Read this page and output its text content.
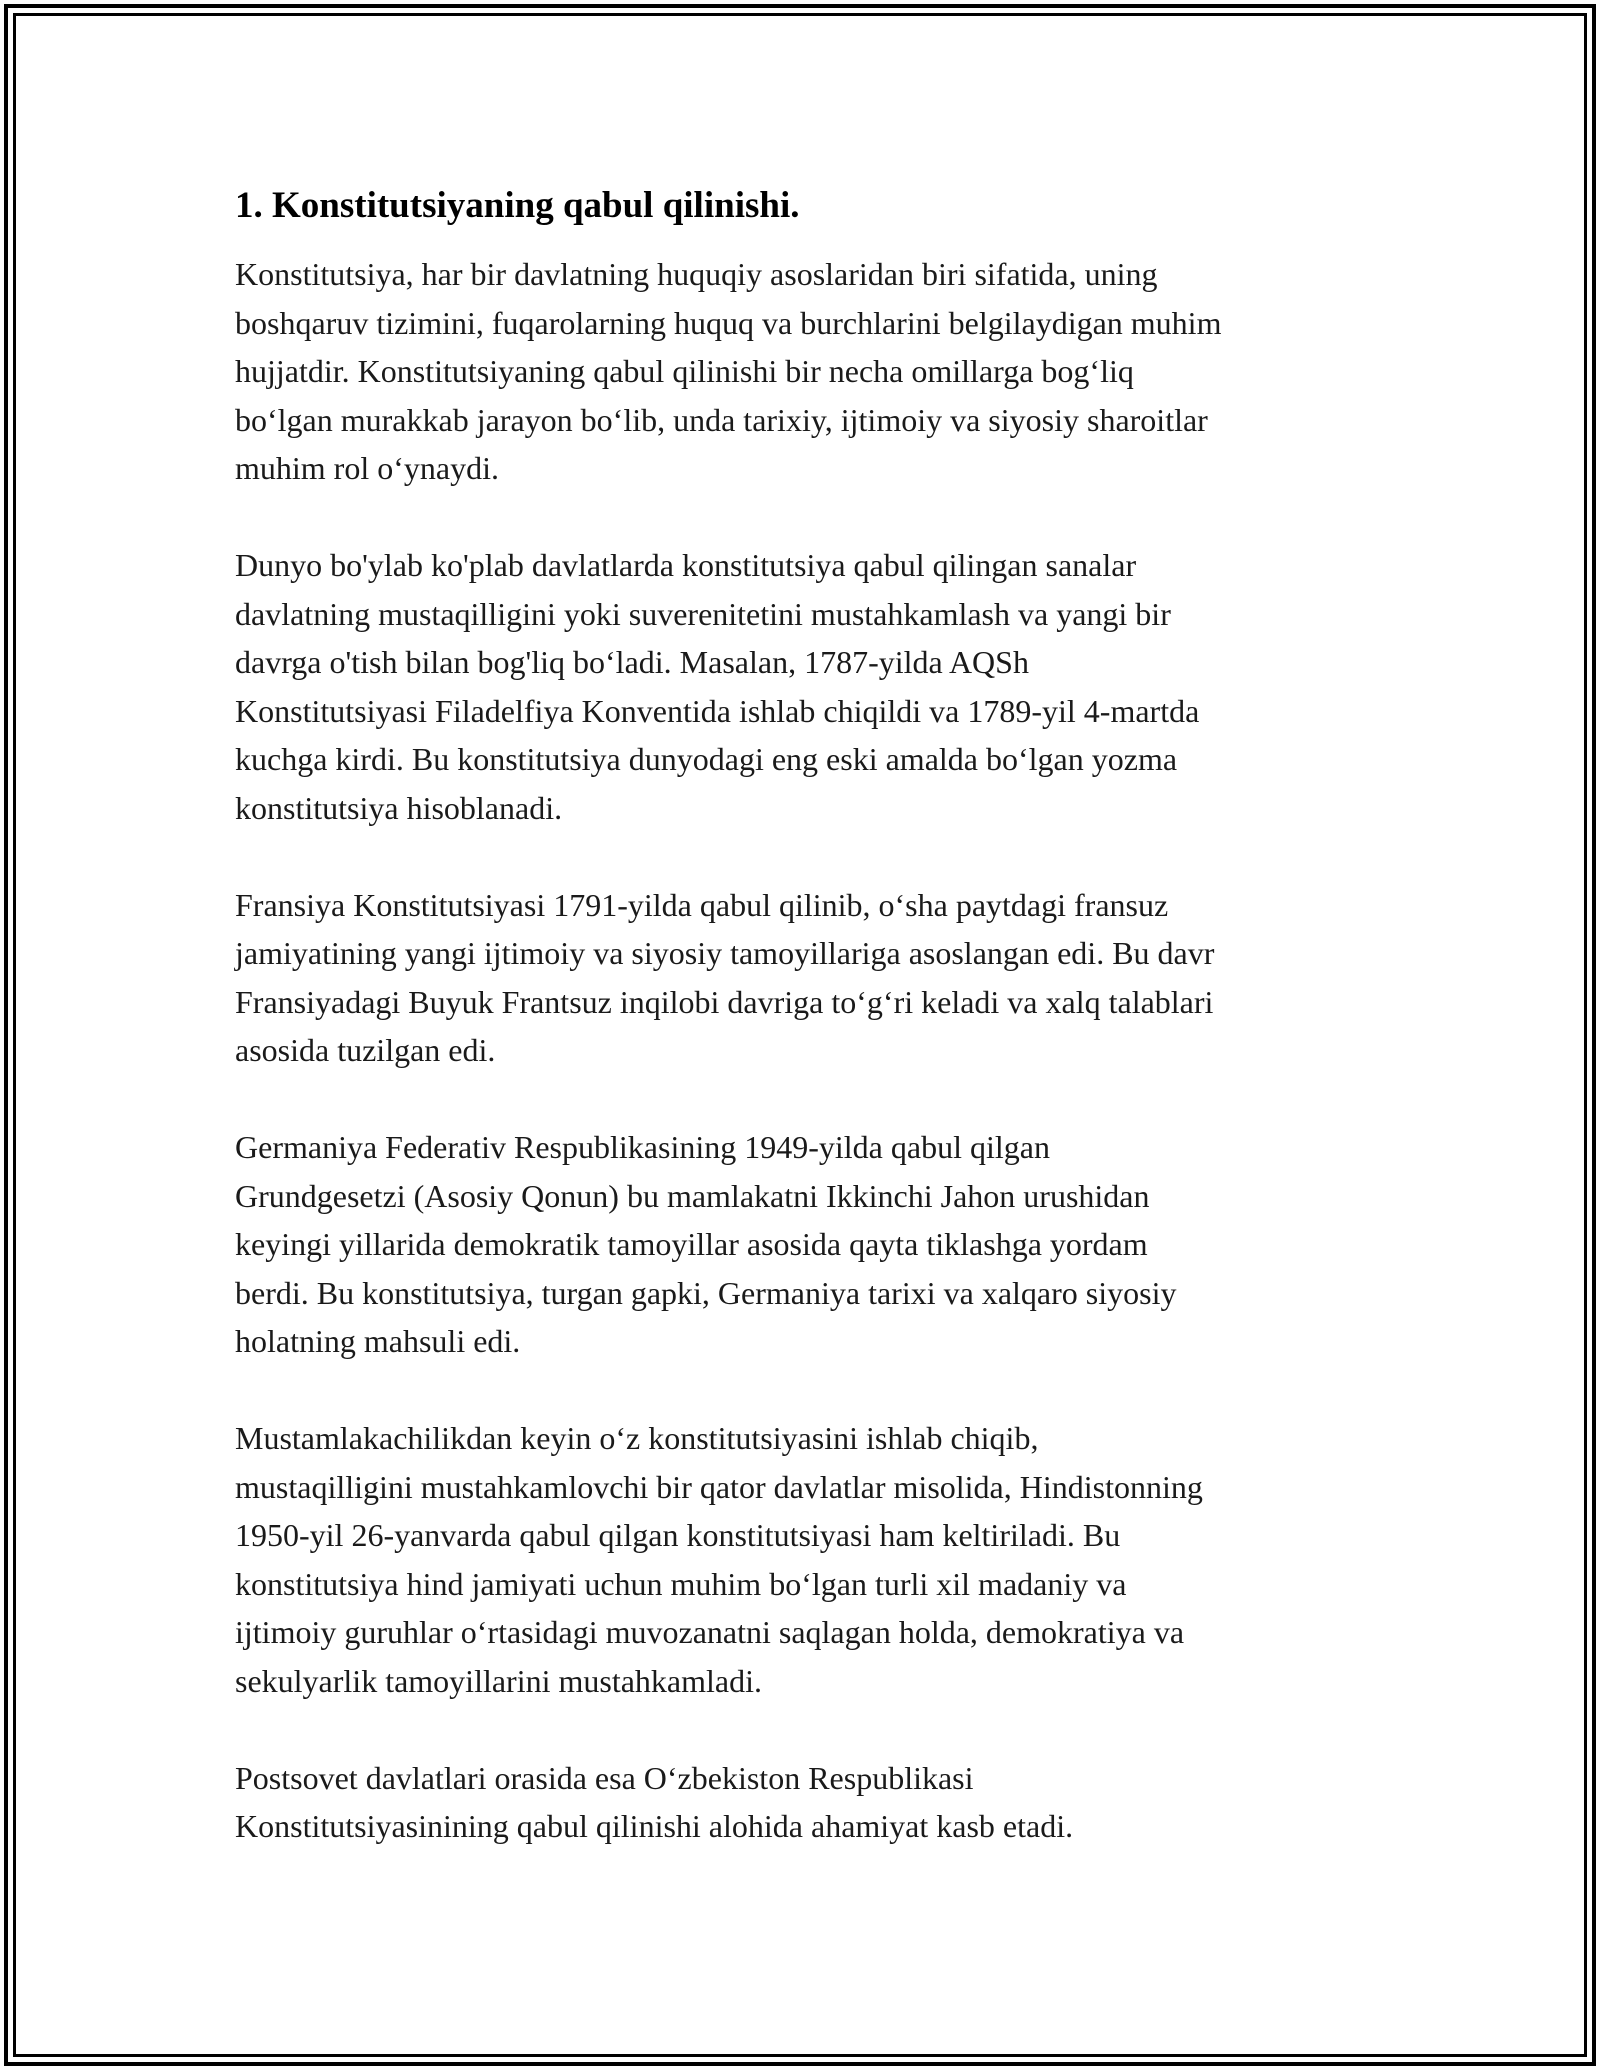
1. Konstitutsiyaning qabul qilinishi.

Konstitutsiya, har bir davlatning huquqiy asoslaridan biri sifatida, uning
boshqaruv tizimini, fuqarolarning huquq va burchlarini belgilaydigan muhim
hujjatdir. Konstitutsiyaning qabul qilinishi bir necha omillarga bog‘liq
bo‘lgan murakkab jarayon bo‘lib, unda tarixiy, ijtimoiy va siyosiy sharoitlar
muhim rol o‘ynaydi.

Dunyo bo'ylab ko'plab davlatlarda konstitutsiya qabul qilingan sanalar
davlatning mustaqilligini yoki suverenitetini mustahkamlash va yangi bir
davrga o'tish bilan bog'liq bo‘ladi. Masalan, 1787-yilda AQSh
Konstitutsiyasi Filadelfiya Konventida ishlab chiqildi va 1789-yil 4-martda
kuchga kirdi. Bu konstitutsiya dunyodagi eng eski amalda bo‘lgan yozma
konstitutsiya hisoblanadi.

Fransiya Konstitutsiyasi 1791-yilda qabul qilinib, o‘sha paytdagi fransuz
jamiyatining yangi ijtimoiy va siyosiy tamoyillariga asoslangan edi. Bu davr
Fransiyadagi Buyuk Frantsuz inqilobi davriga to‘g‘ri keladi va xalq talablari
asosida tuzilgan edi.

Germaniya Federativ Respublikasining 1949-yilda qabul qilgan
Grundgesetzi (Asosiy Qonun) bu mamlakatni Ikkinchi Jahon urushidan
keyingi yillarida demokratik tamoyillar asosida qayta tiklashga yordam
berdi. Bu konstitutsiya, turgan gapki, Germaniya tarixi va xalqaro siyosiy
holatning mahsuli edi.

Mustamlakachilikdan keyin o‘z konstitutsiyasini ishlab chiqib,
mustaqilligini mustahkamlovchi bir qator davlatlar misolida, Hindistonning
1950-yil 26-yanvarda qabul qilgan konstitutsiyasi ham keltiriladi. Bu
konstitutsiya hind jamiyati uchun muhim bo‘lgan turli xil madaniy va
ijtimoiy guruhlar o‘rtasidagi muvozanatni saqlagan holda, demokratiya va
sekulyarlik tamoyillarini mustahkamladi.

Postsovet davlatlari orasida esa O‘zbekiston Respublikasi
Konstitutsiyasinining qabul qilinishi alohida ahamiyat kasb etadi.
